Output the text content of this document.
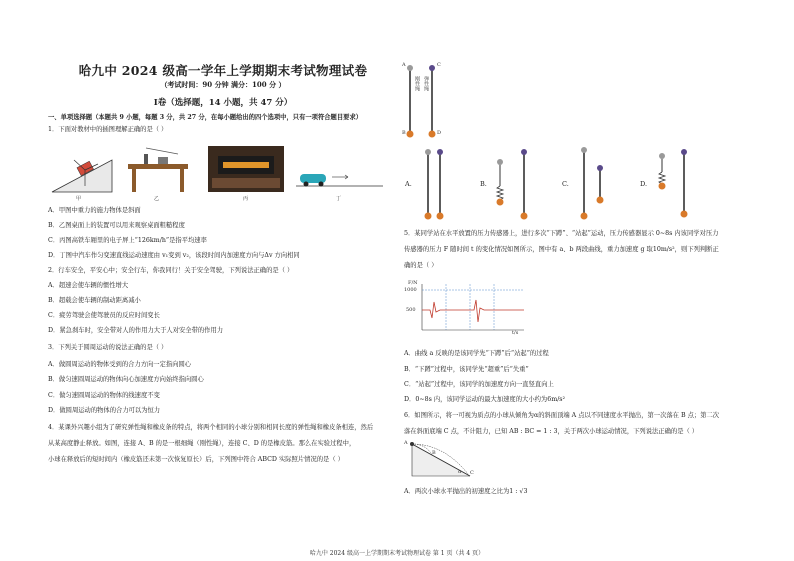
哈九中 2024 级高一学年上学期期末考试物理试卷
（考试时间：90 分钟 满分：100 分 ）
I卷（选择题，14 小题，共 47 分）
一、单项选择题（本题共 9 小题，每题 3 分，共 27 分，在每小题给出的四个选项中，只有一项符合题目要求）
1．下面对教材中的插图理解正确的是（ ）
甲	乙	丙	丁
A．甲图中重力的施力物体是斜面
B．乙图桌面上的装置可以用来观察桌面粗糙程度
C．丙图高铁车厢里的电子屏上“126km/h”是指平均速率
D．丁图中汽车作匀变速直线运动速度由 v₁变到 v₂，该段时间内加速度方向与Δv 方向相同
2．行车安全，平安心中；安全行车，你我同行！关于安全驾驶，下列说法正确的是（ ）
A．超速会使车辆的惯性增大
B．超载会使车辆的制动距离减小
C．疲劳驾驶会使驾驶员的反应时间变长
D．紧急刹车时，安全带对人的作用力大于人对安全带的作用力
3．下列关于圆周运动的说法正确的是（ ）
A．做圆周运动的物体受到的合力方向一定指向圆心
B．做匀速圆周运动的物体向心加速度方向始终指向圆心
C．做匀速圆周运动的物体的线速度不变
D．做圆周运动的物体的合力可以为恒力
4．某课外兴趣小组为了研究弹性绳和橡皮条的特点，将两个相同的小球分别和相同长度的弹性绳和橡皮条相连，然后
从某高度静止释放。如图，连接 A、B 的是一根细绳（刚性绳），连接 C、D 的是橡皮筋。那么在实验过程中，
小球在释放后的短时间内（橡皮筋还未第一次恢复原长）后，下列图中符合 ABCD 实际照片情况的是（ ）
A	C
B	D
刚性绳 弹性绳
A.	B.	C.	D.
5．某同学站在水平放置的压力传感器上，进行多次“下蹲”、“站起”运动，压力传感器显示 0~8s 内该同学对压力
传感器的压力 F 随时间 t 的变化情况如图所示，图中有 a、b 两段曲线，重力加速度 g 取10m/s²，则下列判断正
确的是（ ）
F/N
1000
500
t/s
A．曲线 a 反映的是该同学先“下蹲”后“站起”的过程
B．“下蹲”过程中，该同学先“超重”后“失重”
C．“站起”过程中，该同学的加速度方向一直竖直向上
D．0~8s 内，该同学运动的最大加速度的大小约为6m/s²
6．如图所示，将一可视为质点的小球从倾角为α的斜面顶端 A 点以不同速度水平抛出，第一次落在 B 点；第二次
落在斜面底端 C 点，不计阻力，已知 AB : BC = 1 : 3，关于两次小球运动情况，下列说法正确的是（ ）
A
B
C
α
A．两次小球水平抛出的初速度之比为1 : √3
哈九中 2024 级高一上学期期末考试物理试卷 第 1 页（共 4 页）
